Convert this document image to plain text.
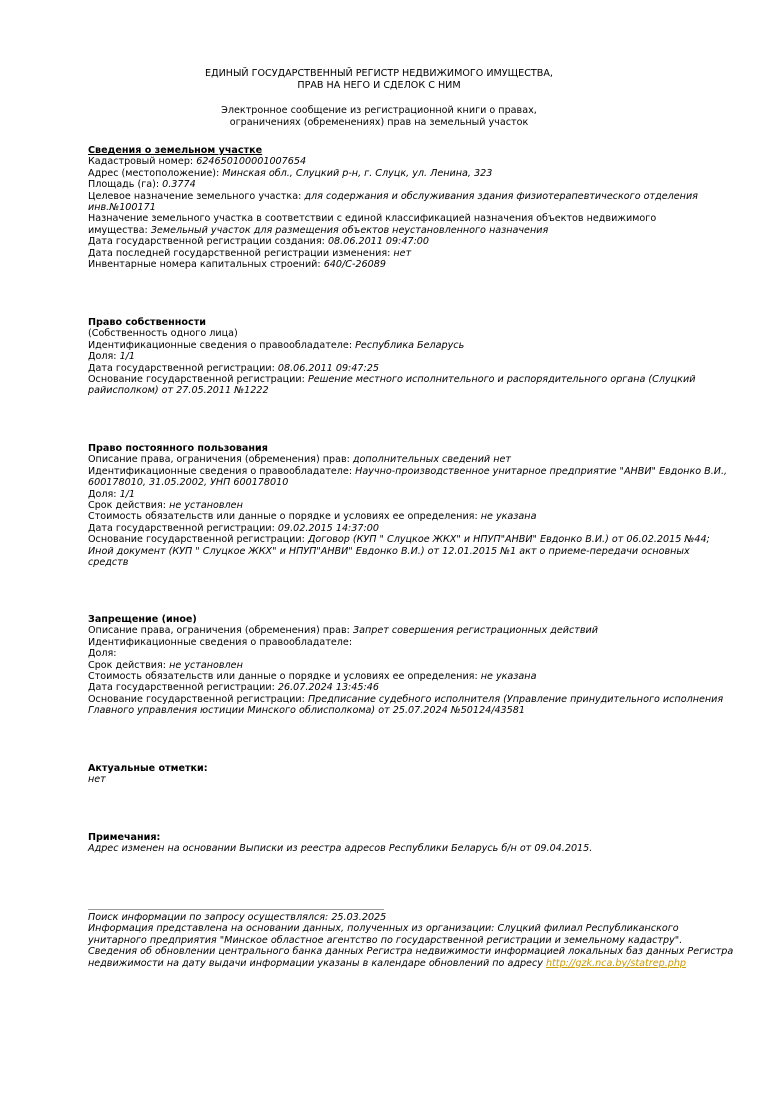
ЕДИНЫЙ ГОСУДАРСТВЕННЫЙ РЕГИСТР НЕДВИЖИМОГО ИМУЩЕСТВА,
ПРАВ НА НЕГО И СДЕЛОК С НИМ
Электронное сообщение из регистрационной книги о правах,
ограничениях (обременениях) прав на земельный участок
Сведения о земельном участке
Кадастровый номер: 624650100001007654
Адрес (местоположение): Минская обл., Слуцкий р-н, г. Слуцк, ул. Ленина, 323
Площадь (га): 0.3774
Целевое назначение земельного участка: для содержания и обслуживания здания физиотерапевтического отделения
инв.№100171
Назначение земельного участка в соответствии с единой классификацией назначения объектов недвижимого
имущества: Земельный участок для размещения объектов неустановленного назначения
Дата государственной регистрации создания: 08.06.2011 09:47:00
Дата последней государственной регистрации изменения: нет
Инвентарные номера капитальных строений: 640/C-26089
Право собственности
(Собственность одного лица)
Идентификационные сведения о правообладателе: Республика Беларусь
Доля: 1/1
Дата государственной регистрации: 08.06.2011 09:47:25
Основание государственной регистрации: Решение местного исполнительного и распорядительного органа (Слуцкий
райисполком) от 27.05.2011 №1222
Право постоянного пользования
Описание права, ограничения (обременения) прав: дополнительных сведений нет
Идентификационные сведения о правообладателе: Научно-производственное унитарное предприятие "АНВИ" Евдонко В.И.,
600178010, 31.05.2002, УНП 600178010
Доля: 1/1
Срок действия: не установлен
Стоимость обязательств или данные о порядке и условиях ее определения: не указана
Дата государственной регистрации: 09.02.2015 14:37:00
Основание государственной регистрации: Договор (КУП " Слуцкое ЖКХ" и НПУП"АНВИ" Евдонко В.И.) от 06.02.2015 №44;
Иной документ (КУП " Слуцкое ЖКХ" и НПУП"АНВИ" Евдонко В.И.) от 12.01.2015 №1 акт о приеме-передачи основных
средств
Запрещение (иное)
Описание права, ограничения (обременения) прав: Запрет совершения регистрационных действий
Идентификационные сведения о правообладателе:
Доля:
Срок действия: не установлен
Стоимость обязательств или данные о порядке и условиях ее определения: не указана
Дата государственной регистрации: 26.07.2024 13:45:46
Основание государственной регистрации: Предписание судебного исполнителя (Управление принудительного исполнения
Главного управления юстиции Минского облисполкома) от 25.07.2024 №50124/43581
Актуальные отметки:
нет
Примечания:
Адрес изменен на основании Выписки из реестра адресов Республики Беларусь б/н от 09.04.2015.
Поиск информации по запросу осуществлялся: 25.03.2025
Информация представлена на основании данных, полученных из организации: Слуцкий филиал Республиканского
унитарного предприятия "Минское областное агентство по государственной регистрации и земельному кадастру".
Сведения об обновлении центрального банка данных Регистра недвижимости информацией локальных баз данных Регистра
недвижимости на дату выдачи информации указаны в календаре обновлений по адресу http://gzk.nca.by/statrep.php
